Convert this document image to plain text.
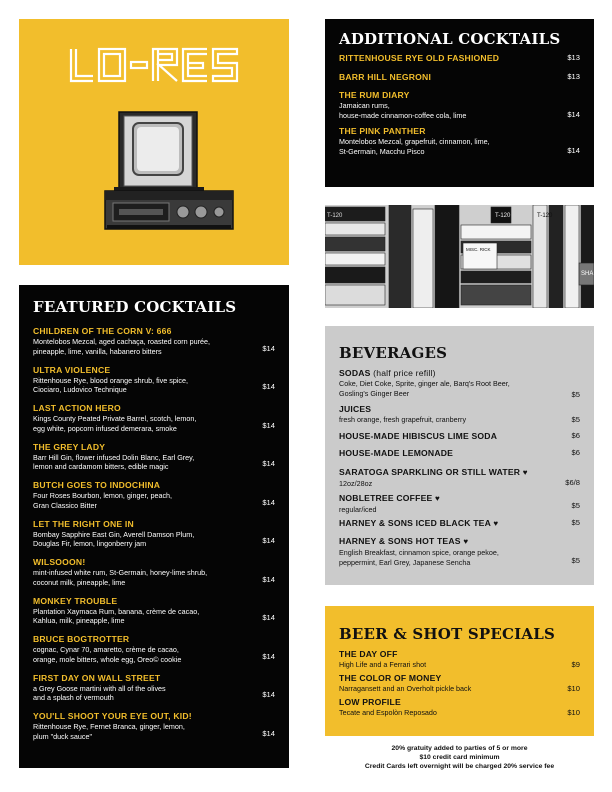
FEATURED COCKTAILS
CHILDREN OF THE CORN V: 666
Montelobos Mezcal, aged cachaça, roasted corn purée,
pineapple, lime, vanilla, habanero bitters	$14
ULTRA VIOLENCE
Rittenhouse Rye, blood orange shrub, five spice,
Ciociaro, Ludovico Technique	$14
LAST ACTION HERO
Kings County Peated Private Barrel, scotch, lemon,
egg white, popcorn infused demerara, smoke	$14
THE GREY LADY
Barr Hill Gin, flower infused Dolin Blanc, Earl Grey,
lemon and cardamom bitters, edible magic	$14
BUTCH GOES TO INDOCHINA
Four Roses Bourbon, lemon, ginger, peach,
Gran Classico Bitter	$14
LET THE RIGHT ONE IN
Bombay Sapphire East Gin, Averell Damson Plum,
Douglas Fir, lemon, lingonberry jam	$14
WILSOOON!
mint-infused white rum, St-Germain, honey-lime shrub,
coconut milk, pineapple, lime	$14
MONKEY TROUBLE
Plantation Xaymaca Rum, banana, crème de cacao,
Kahlua, milk, pineapple, lime	$14
BRUCE BOGTROTTER
cognac, Cynar 70, amaretto, crème de cacao,
orange, mole bitters, whole egg, Oreo© cookie	$14
FIRST DAY ON WALL STREET
a Grey Goose martini with all of the olives
and a splash of vermouth	$14
YOU'LL SHOOT YOUR EYE OUT, KID!
Rittenhouse Rye, Fernet Branca, ginger, lemon,
plum "duck sauce"	$14
ADDITIONAL COCKTAILS
RITTENHOUSE RYE OLD FASHIONED	$13
BARR HILL NEGRONI	$13
THE RUM DIARY
Jamaican rums,
house-made cinnamon-coffee cola, lime	$14
THE PINK PANTHER
Montelobos Mezcal, grapefruit, cinnamon, lime,
St-Germain, Macchu Pisco	$14
T-120	T-120
MISC. RICK
SHA
T-120
BEVERAGES
SODAS (half price refill)
Coke, Diet Coke, Sprite, ginger ale, Barq's Root Beer,
Gosling's Ginger Beer	$5
JUICES
fresh orange, fresh grapefruit, cranberry	$5
HOUSE-MADE HIBISCUS LIME SODA	$6
HOUSE-MADE LEMONADE	$6
SARATOGA SPARKLING OR STILL WATER ♥
12oz/28oz	$6/8
NOBLETREE COFFEE ♥
regular/iced	$5
HARNEY & SONS ICED BLACK TEA ♥	$5
HARNEY & SONS HOT TEAS ♥
English Breakfast, cinnamon spice, orange pekoe,
peppermint, Earl Grey, Japanese Sencha	$5
BEER & SHOT SPECIALS
THE DAY OFF
High Life and a Ferrari shot	$9
THE COLOR OF MONEY
Narragansett and an Overholt pickle back	$10
LOW PROFILE
Tecate and Espolòn Reposado	$10
20% gratuity added to parties of 5 or more
$10 credit card minimum
Credit Cards left overnight will be charged 20% service fee
